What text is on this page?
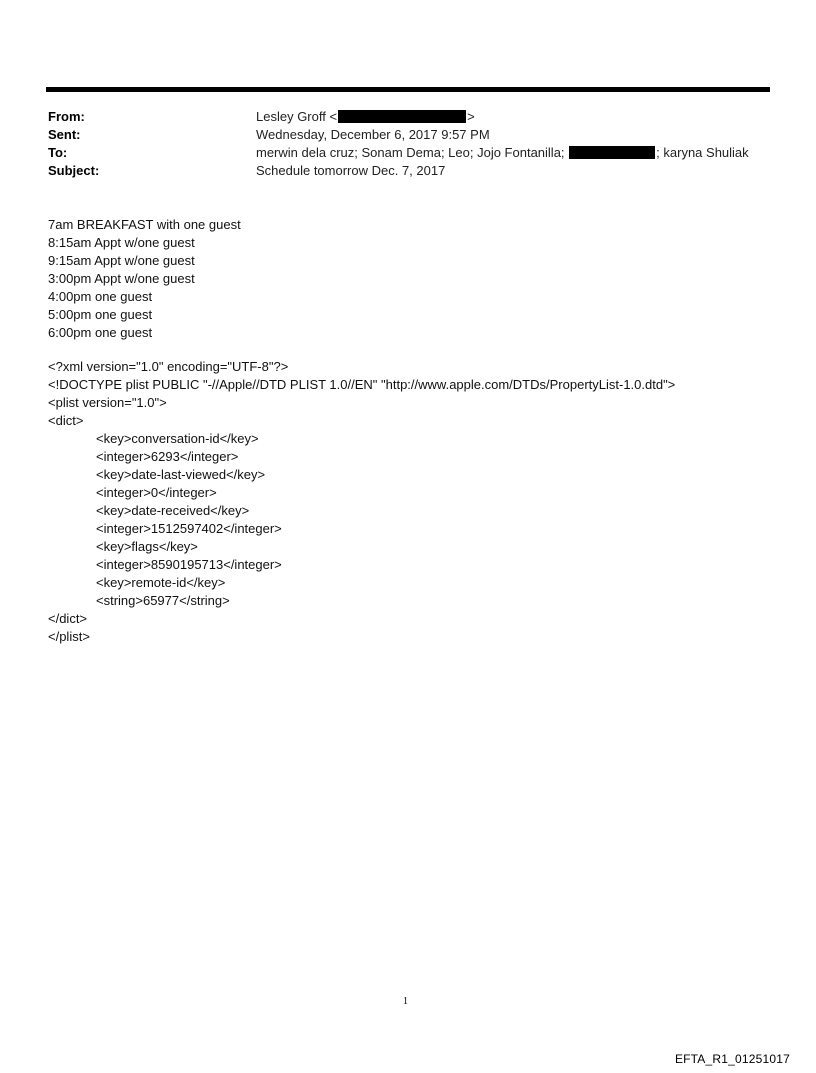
From:	Lesley Groff <	>
Sent:	Wednesday, December 6, 2017 9:57 PM
To:	merwin dela cruz; Sonam Dema; Leo; Jojo Fontanilla;	; karyna Shuliak
Subject:	Schedule tomorrow Dec. 7, 2017
7am BREAKFAST with one guest
8:15am Appt w/one guest
9:15am Appt w/one guest
3:00pm Appt w/one guest
4:00pm one guest
5:00pm one guest
6:00pm one guest
<?xml version="1.0" encoding="UTF-8"?>
<!DOCTYPE plist PUBLIC "-//Apple//DTD PLIST 1.0//EN" "http://www.apple.com/DTDs/PropertyList-1.0.dtd">
<plist version="1.0">
<dict>
<key>conversation-id</key>
<integer>6293</integer>
<key>date-last-viewed</key>
<integer>0</integer>
<key>date-received</key>
<integer>1512597402</integer>
<key>flags</key>
<integer>8590195713</integer>
<key>remote-id</key>
<string>65977</string>
</dict>
</plist>
1
EFTA_R1_01251017
